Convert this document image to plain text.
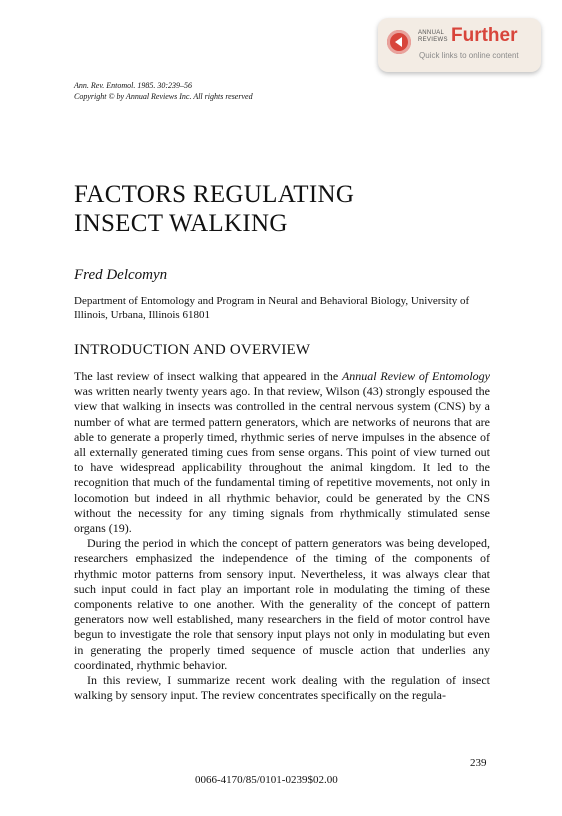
ANNUAL
REVIEWS Further
Quick links to online content
Ann. Rev. Entomol. 1985. 30:239–56
Copyright © by Annual Reviews Inc. All rights reserved
FACTORS REGULATING
INSECT WALKING
Fred Delcomyn
Department of Entomology and Program in Neural and Behavioral Biology, University of Illinois, Urbana, Illinois 61801
INTRODUCTION AND OVERVIEW

The last review of insect walking that appeared in the Annual Review of Entomology was written nearly twenty years ago. In that review, Wilson (43) strongly espoused the view that walking in insects was controlled in the central nervous system (CNS) by a number of what are termed pattern generators, which are networks of neurons that are able to generate a properly timed, rhythmic series of nerve impulses in the absence of all externally generated timing cues from sense organs. This point of view turned out to have widespread applicability throughout the animal kingdom. It led to the recognition that much of the fundamental timing of repetitive movements, not only in locomotion but indeed in all rhythmic behavior, could be generated by the CNS without the necessity for any timing signals from rhythmically stimulated sense organs (19).

During the period in which the concept of pattern generators was being developed, researchers emphasized the independence of the timing of the components of rhythmic motor patterns from sensory input. Nevertheless, it was always clear that such input could in fact play an important role in modulating the timing of these components relative to one another. With the generality of the concept of pattern generators now well established, many researchers in the field of motor control have begun to investigate the role that sensory input plays not only in modulating but even in generating the properly timed sequence of muscle action that underlies any coordinated, rhythmic behavior.

In this review, I summarize recent work dealing with the regulation of insect walking by sensory input. The review concentrates specifically on the regula-

239
0066-4170/85/0101-0239$02.00
